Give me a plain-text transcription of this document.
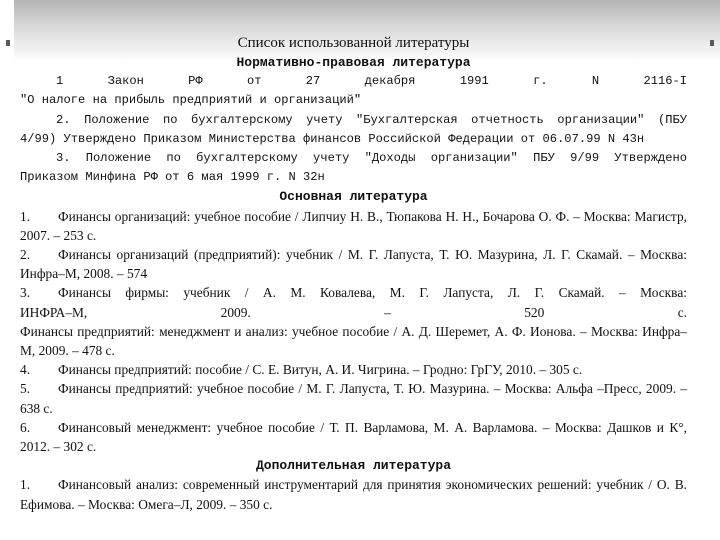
Список использованной литературы

Нормативно-правовая литература

1 Закон РФ от 27 декабря 1991 г. N 2116-I

"О налоге на прибыль предприятий и организаций"

2. Положение по бухгалтерскому учету "Бухгалтерская отчетность организации" (ПБУ

4/99) Утверждено Приказом Министерства финансов Российской Федерации от 06.07.99 N 43н

3. Положение по бухгалтерскому учету "Доходы организации" ПБУ 9/99 Утверждено

Приказом Минфина РФ от 6 мая 1999 г. N 32н

Основная литература

1. Финансы организаций: учебное пособие / Липчиу Н. В., Тюпакова Н. Н., Бочарова О. Ф. – Москва: Магистр, 2007. – 253 с.

2. Финансы организаций (предприятий): учебник / М. Г. Лапуста, Т. Ю. Мазурина, Л. Г. Скамай. – Москва: Инфра–М, 2008. – 574

3. Финансы фирмы: учебник / А. М. Ковалева, М. Г. Лапуста, Л. Г. Скамай. – Москва:

ИНФРА–М, 2009. – 520 с.

Финансы предприятий: менеджмент и анализ: учебное пособие / А. Д. Шеремет, А. Ф. Ионова. – Москва: Инфра–М, 2009. – 478 с.

4. Финансы предприятий: пособие / С. Е. Витун, А. И. Чигрина. – Гродно: ГрГУ, 2010. – 305 с.

5. Финансы предприятий: учебное пособие / М. Г. Лапуста, Т. Ю. Мазурина. – Москва: Альфа –Пресс, 2009. – 638 с.

6. Финансовый менеджмент: учебное пособие / Т. П. Варламова, М. А. Варламова. – Москва: Дашков и К°, 2012. – 302 с.

Дополнительная литература

1. Финансовый анализ: современный инструментарий для принятия экономических решений: учебник / О. В. Ефимова. – Москва: Омега–Л, 2009. – 350 с.
